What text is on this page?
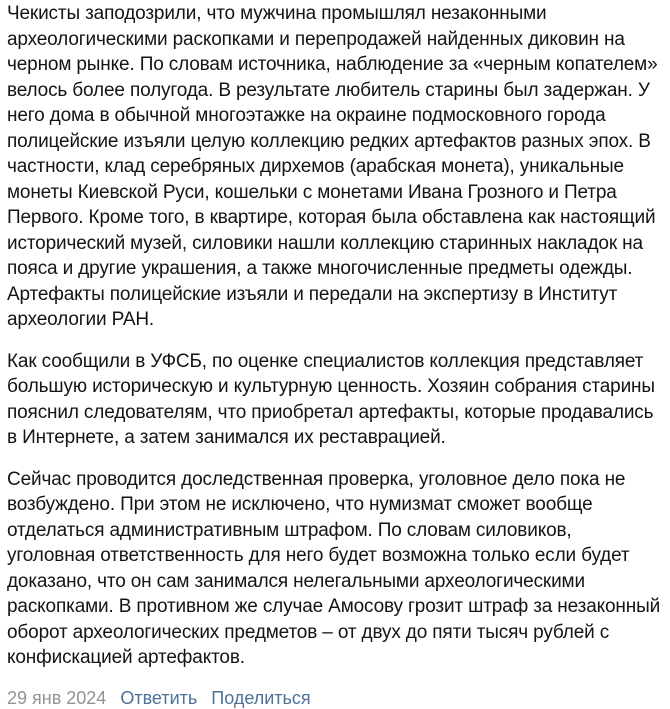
Чекисты заподозрили, что мужчина промышлял незаконными археологическими раскопками и перепродажей найденных диковин на черном рынке. По словам источника, наблюдение за «черным копателем» велось более полугода. В результате любитель старины был задержан. У него дома в обычной многоэтажке на окраине подмосковного города полицейские изъяли целую коллекцию редких артефактов разных эпох. В частности, клад серебряных дирхемов (арабская монета), уникальные монеты Киевской Руси, кошельки с монетами Ивана Грозного и Петра Первого. Кроме того, в квартире, которая была обставлена как настоящий исторический музей, силовики нашли коллекцию старинных накладок на пояса и другие украшения, а также многочисленные предметы одежды. Артефакты полицейские изъяли и передали на экспертизу в Институт археологии РАН.

Как сообщили в УФСБ, по оценке специалистов коллекция представляет большую историческую и культурную ценность. Хозяин собрания старины пояснил следователям, что приобретал артефакты, которые продавались в Интернете, а затем занимался их реставрацией.

Сейчас проводится доследственная проверка, уголовное дело пока не возбуждено. При этом не исключено, что нумизмат сможет вообще отделаться административным штрафом. По словам силовиков, уголовная ответственность для него будет возможна только если будет доказано, что он сам занимался нелегальными археологическими раскопками. В противном же случае Амосову грозит штраф за незаконный оборот археологических предметов – от двух до пяти тысяч рублей с конфискацией артефактов.

29 янв 2024 Ответить Поделиться
